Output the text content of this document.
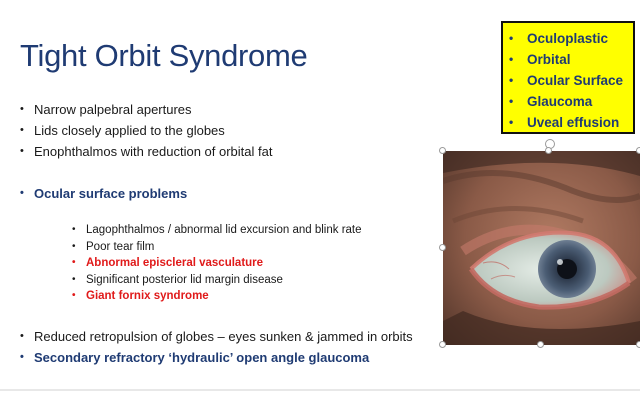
Tight Orbit Syndrome	•	Oculoplastic
•	Orbital
•	Ocular Surface
•	Glaucoma
•	Uveal effusion
• Narrow palpebral apertures
• Lids closely applied to the globes
• Enophthalmos with reduction of orbital fat
• Ocular surface problems
• Lagophthalmos / abnormal lid excursion and blink rate
• Poor tear film
• Abnormal episcleral vasculature
• Significant posterior lid margin disease
• Giant fornix syndrome
• Reduced retropulsion of globes – eyes sunken & jammed in orbits
• Secondary refractory ‘hydraulic’ open angle glaucoma
